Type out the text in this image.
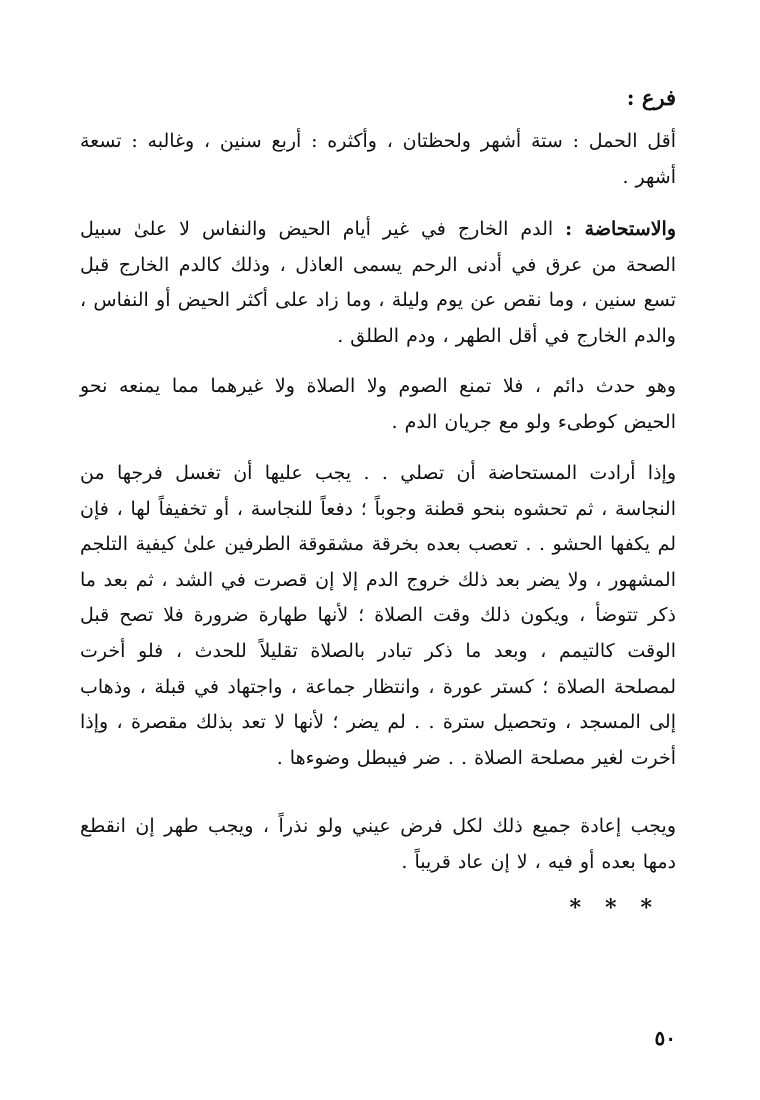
فرع :

أقل الحمل : ستة أشهر ولحظتان ، وأكثره : أربع سنين ، وغالبه : تسعة أشهر .

والاستحاضة : الدم الخارج في غير أيام الحيض والنفاس لا علىٰ سبيل الصحة من عرق في أدنى الرحم يسمى العاذل ، وذلك كالدم الخارج قبل تسع سنين ، وما نقص عن يوم وليلة ، وما زاد على أكثر الحيض أو النفاس ، والدم الخارج في أقل الطهر ، ودم الطلق .

وهو حدث دائم ، فلا تمنع الصوم ولا الصلاة ولا غيرهما مما يمنعه نحو الحيض كوطىء ولو مع جريان الدم .

وإذا أرادت المستحاضة أن تصلي . . يجب عليها أن تغسل فرجها من النجاسة ، ثم تحشوه بنحو قطنة وجوباً ؛ دفعاً للنجاسة ، أو تخفيفاً لها ، فإن لم يكفها الحشو . . تعصب بعده بخرقة مشقوقة الطرفين علىٰ كيفية التلجم المشهور ، ولا يضر بعد ذلك خروج الدم إلا إن قصرت في الشد ، ثم بعد ما ذكر تتوضأ ، ويكون ذلك وقت الصلاة ؛ لأنها طهارة ضرورة فلا تصح قبل الوقت كالتيمم ، وبعد ما ذكر تبادر بالصلاة تقليلاً للحدث ، فلو أخرت لمصلحة الصلاة ؛ كستر عورة ، وانتظار جماعة ، واجتهاد في قبلة ، وذهاب إلى المسجد ، وتحصيل سترة . . لم يضر ؛ لأنها لا تعد بذلك مقصرة ، وإذا أخرت لغير مصلحة الصلاة . . ضر فيبطل وضوءها .

ويجب إعادة جميع ذلك لكل فرض عيني ولو نذراً ، ويجب طهر إن انقطع دمها بعده أو فيه ، لا إن عاد قريباً .

***
٥٠
